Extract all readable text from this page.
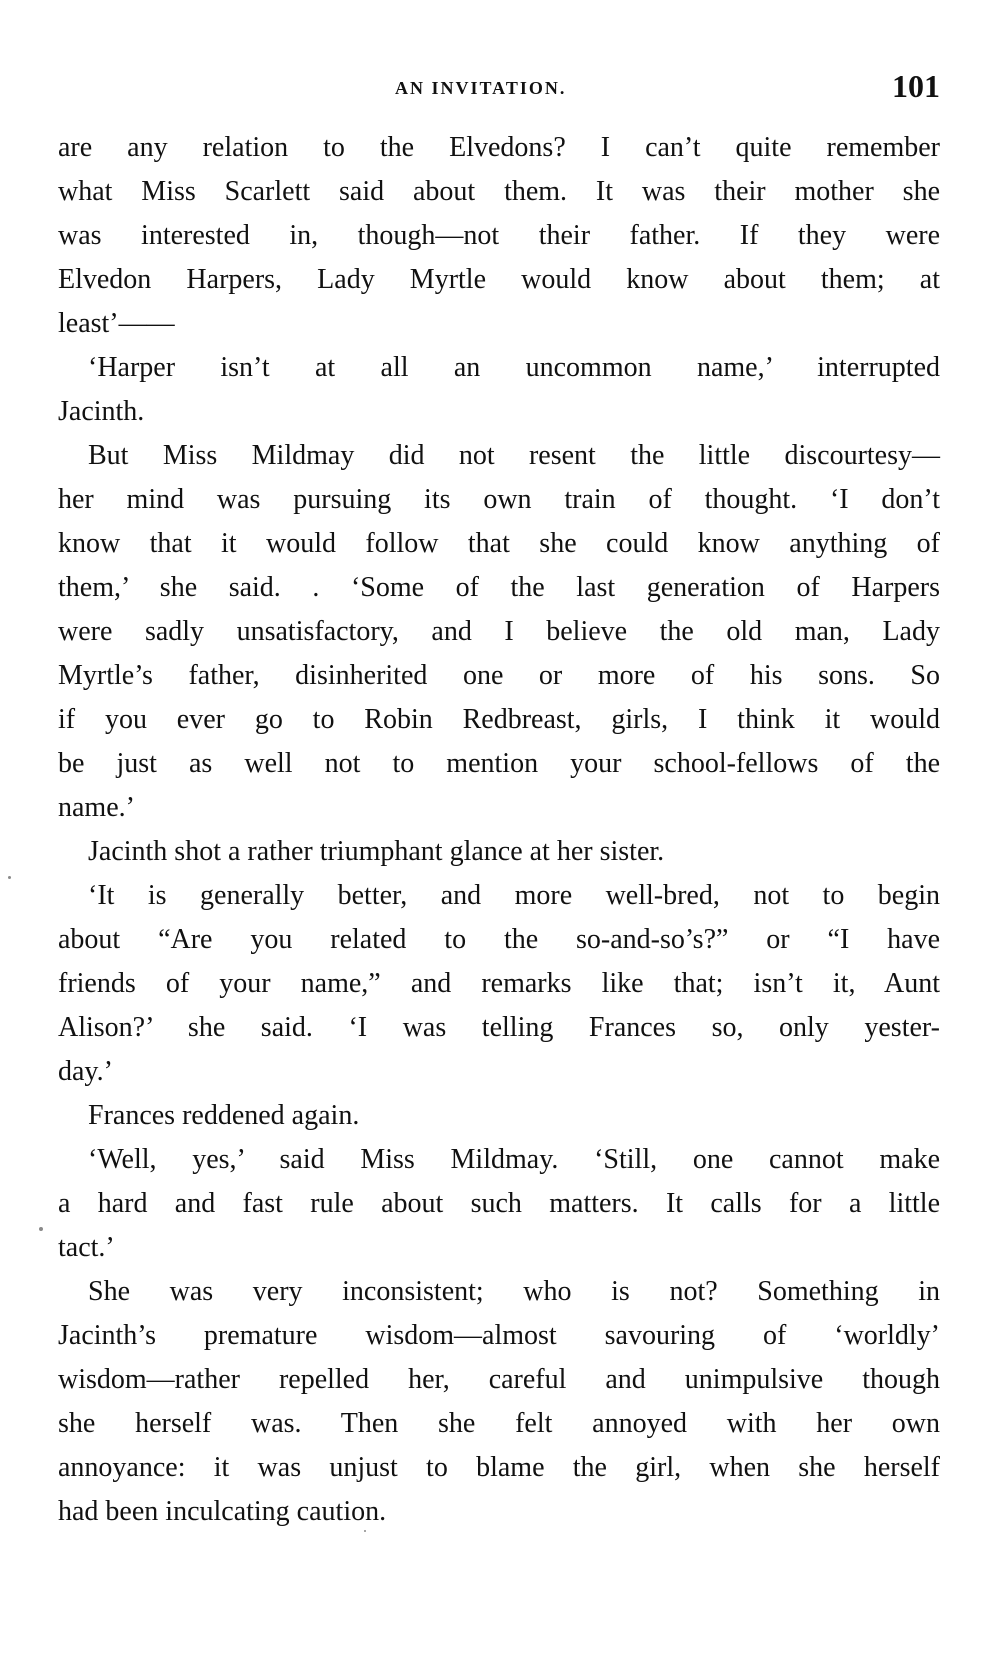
AN INVITATION.	101
are any relation to the Elvedons? I can’t quite remember
what Miss Scarlett said about them. It was their mother she
was interested in, though—not their father. If they were
Elvedon Harpers, Lady Myrtle would know about them; at
least’——
‘Harper isn’t at all an uncommon name,’ interrupted
Jacinth.
But Miss Mildmay did not resent the little discourtesy—
her mind was pursuing its own train of thought. ‘I don’t
know that it would follow that she could know anything of
them,’ she said. . ‘Some of the last generation of Harpers
were sadly unsatisfactory, and I believe the old man, Lady
Myrtle’s father, disinherited one or more of his sons. So
if you ever go to Robin Redbreast, girls, I think it would
be just as well not to mention your school-fellows of the
name.’
Jacinth shot a rather triumphant glance at her sister.
‘It is generally better, and more well-bred, not to begin
about “Are you related to the so-and-so’s?” or “I have
friends of your name,” and remarks like that; isn’t it, Aunt
Alison?’ she said. ‘I was telling Frances so, only yester-
day.’
Frances reddened again.
‘Well, yes,’ said Miss Mildmay. ‘Still, one cannot make
a hard and fast rule about such matters. It calls for a little
tact.’
She was very inconsistent; who is not? Something in
Jacinth’s premature wisdom—almost savouring of ‘worldly’
wisdom—rather repelled her, careful and unimpulsive though
she herself was. Then she felt annoyed with her own
annoyance: it was unjust to blame the girl, when she herself
had been inculcating caution.
